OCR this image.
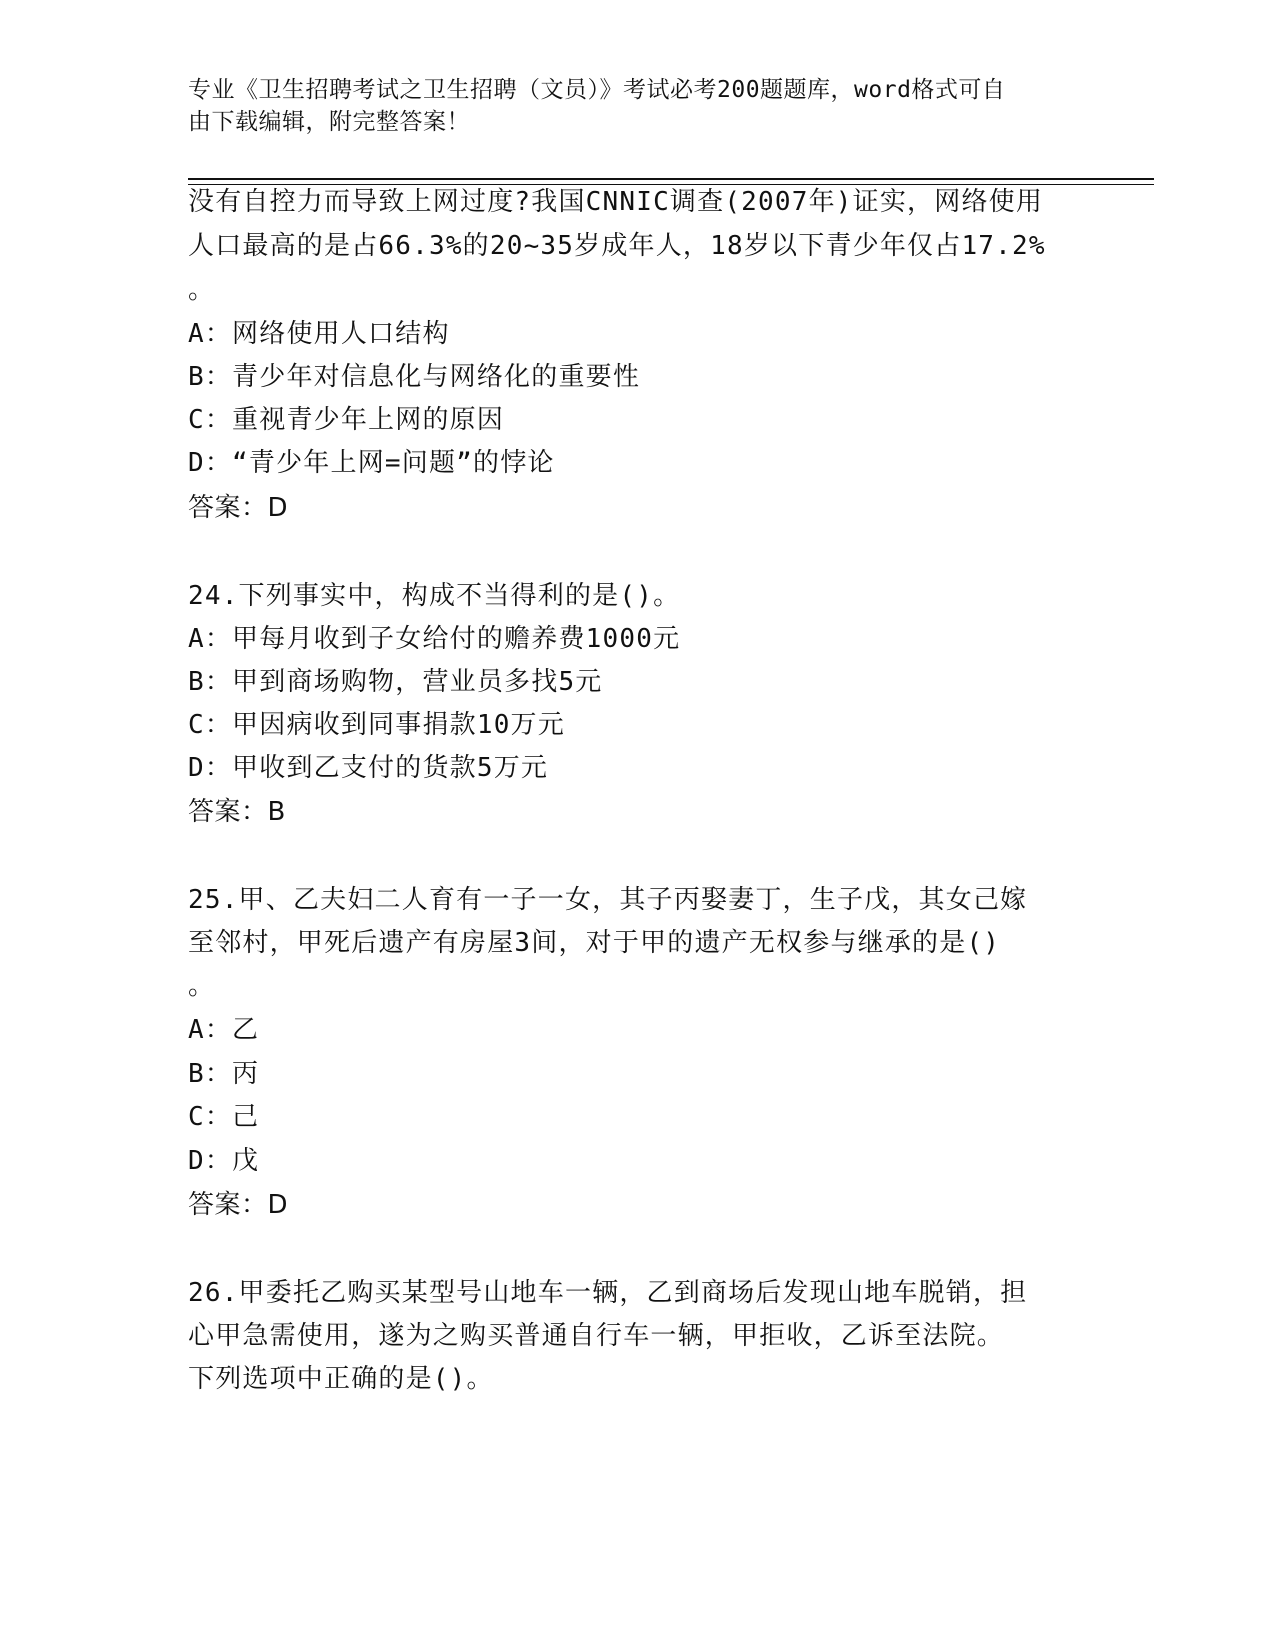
专业《卫生招聘考试之卫生招聘（文员）》考试必考200题题库，word格式可自
由下载编辑，附完整答案！
没有自控力而导致上网过度?我国CNNIC调查(2007年)证实，网络使用
人口最高的是占66.3%的20~35岁成年人，18岁以下青少年仅占17.2%
。
A：网络使用人口结构
B：青少年对信息化与网络化的重要性
C：重视青少年上网的原因
D：“青少年上网=问题”的悖论
答案：D
24.下列事实中，构成不当得利的是()。
A：甲每月收到子女给付的赡养费1000元
B：甲到商场购物，营业员多找5元
C：甲因病收到同事捐款10万元
D：甲收到乙支付的货款5万元
答案：B
25.甲、乙夫妇二人育有一子一女，其子丙娶妻丁，生子戊，其女己嫁
至邻村，甲死后遗产有房屋3间，对于甲的遗产无权参与继承的是()
。
A：乙
B：丙
C：己
D：戊
答案：D
26.甲委托乙购买某型号山地车一辆，乙到商场后发现山地车脱销，担
心甲急需使用，遂为之购买普通自行车一辆，甲拒收，乙诉至法院。
下列选项中正确的是()。
